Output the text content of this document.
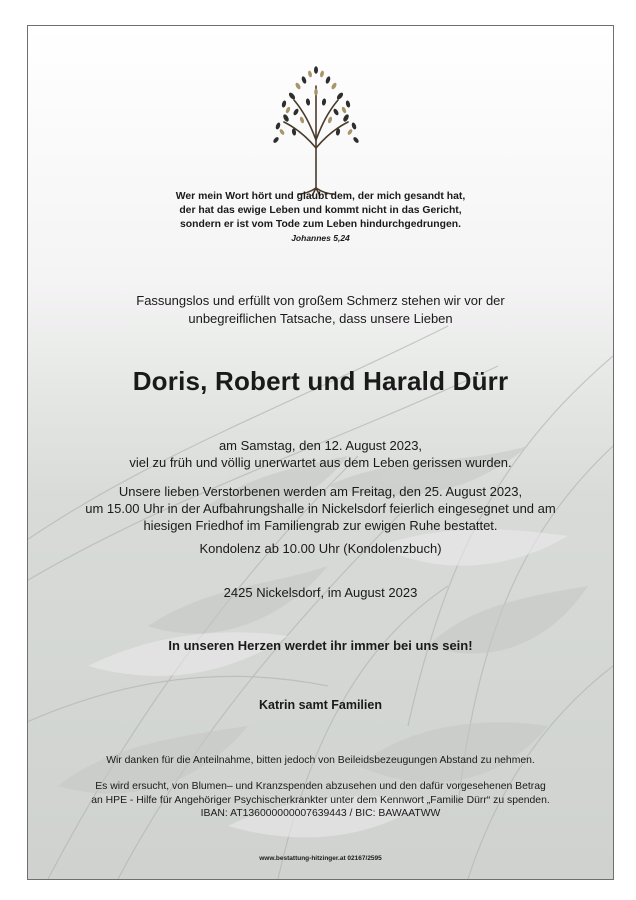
Wer mein Wort hört und glaubt dem, der mich gesandt hat,
der hat das ewige Leben und kommt nicht in das Gericht,
sondern er ist vom Tode zum Leben hindurchgedrungen.
Johannes 5,24
Fassungslos und erfüllt von großem Schmerz stehen wir vor der
unbegreiflichen Tatsache, dass unsere Lieben
Doris, Robert und Harald Dürr
am Samstag, den 12. August 2023,
viel zu früh und völlig unerwartet aus dem Leben gerissen wurden.
Unsere lieben Verstorbenen werden am Freitag, den 25. August 2023,
um 15.00 Uhr in der Aufbahrungshalle in Nickelsdorf feierlich eingesegnet und am
hiesigen Friedhof im Familiengrab zur ewigen Ruhe bestattet.
Kondolenz ab 10.00 Uhr (Kondolenzbuch)
2425 Nickelsdorf, im August 2023
In unseren Herzen werdet ihr immer bei uns sein!
Katrin samt Familien
Wir danken für die Anteilnahme, bitten jedoch von Beileidsbezeugungen Abstand zu nehmen.
Es wird ersucht, von Blumen– und Kranzspenden abzusehen und den dafür vorgesehenen Betrag
an HPE - Hilfe für Angehöriger Psychischerkrankter unter dem Kennwort „Familie Dürr“ zu spenden.
IBAN: AT136000000007639443 / BIC: BAWAATWW
www.bestattung-hitzinger.at 02167/2595
